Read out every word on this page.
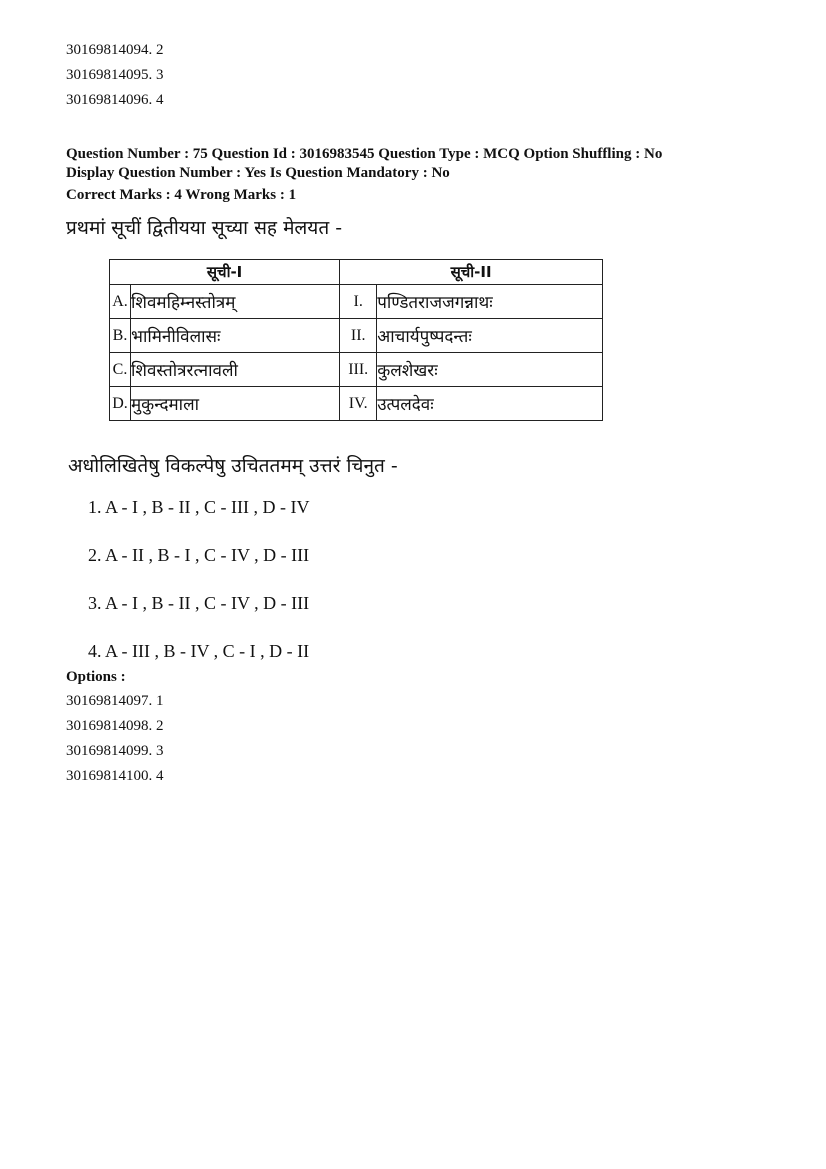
30169814094. 2
30169814095. 3
30169814096. 4
Question Number : 75 Question Id : 3016983545 Question Type : MCQ Option Shuffling : No
Display Question Number : Yes Is Question Mandatory : No
Correct Marks : 4 Wrong Marks : 1
प्रथमां सूचीं द्वितीयया सूच्या सह मेलयत -
सूची-I		सूची-II	
A.	शिवमहिम्नस्तोत्रम्	I.	पण्डितराजजगन्नाथः
B.	भामिनीविलासः	II.	आचार्यपुष्पदन्तः
C.	शिवस्तोत्ररत्नावली	III.	कुलशेखरः
D.	मुकुन्दमाला	IV.	उत्पलदेवः
अधोलिखितेषु विकल्पेषु उचिततमम् उत्तरं चिनुत -
1. A - I , B - II , C - III , D - IV
2. A - II , B - I , C - IV , D - III
3. A - I , B - II , C - IV , D - III
4. A - III , B - IV , C - I , D - II
Options :
30169814097. 1
30169814098. 2
30169814099. 3
30169814100. 4
